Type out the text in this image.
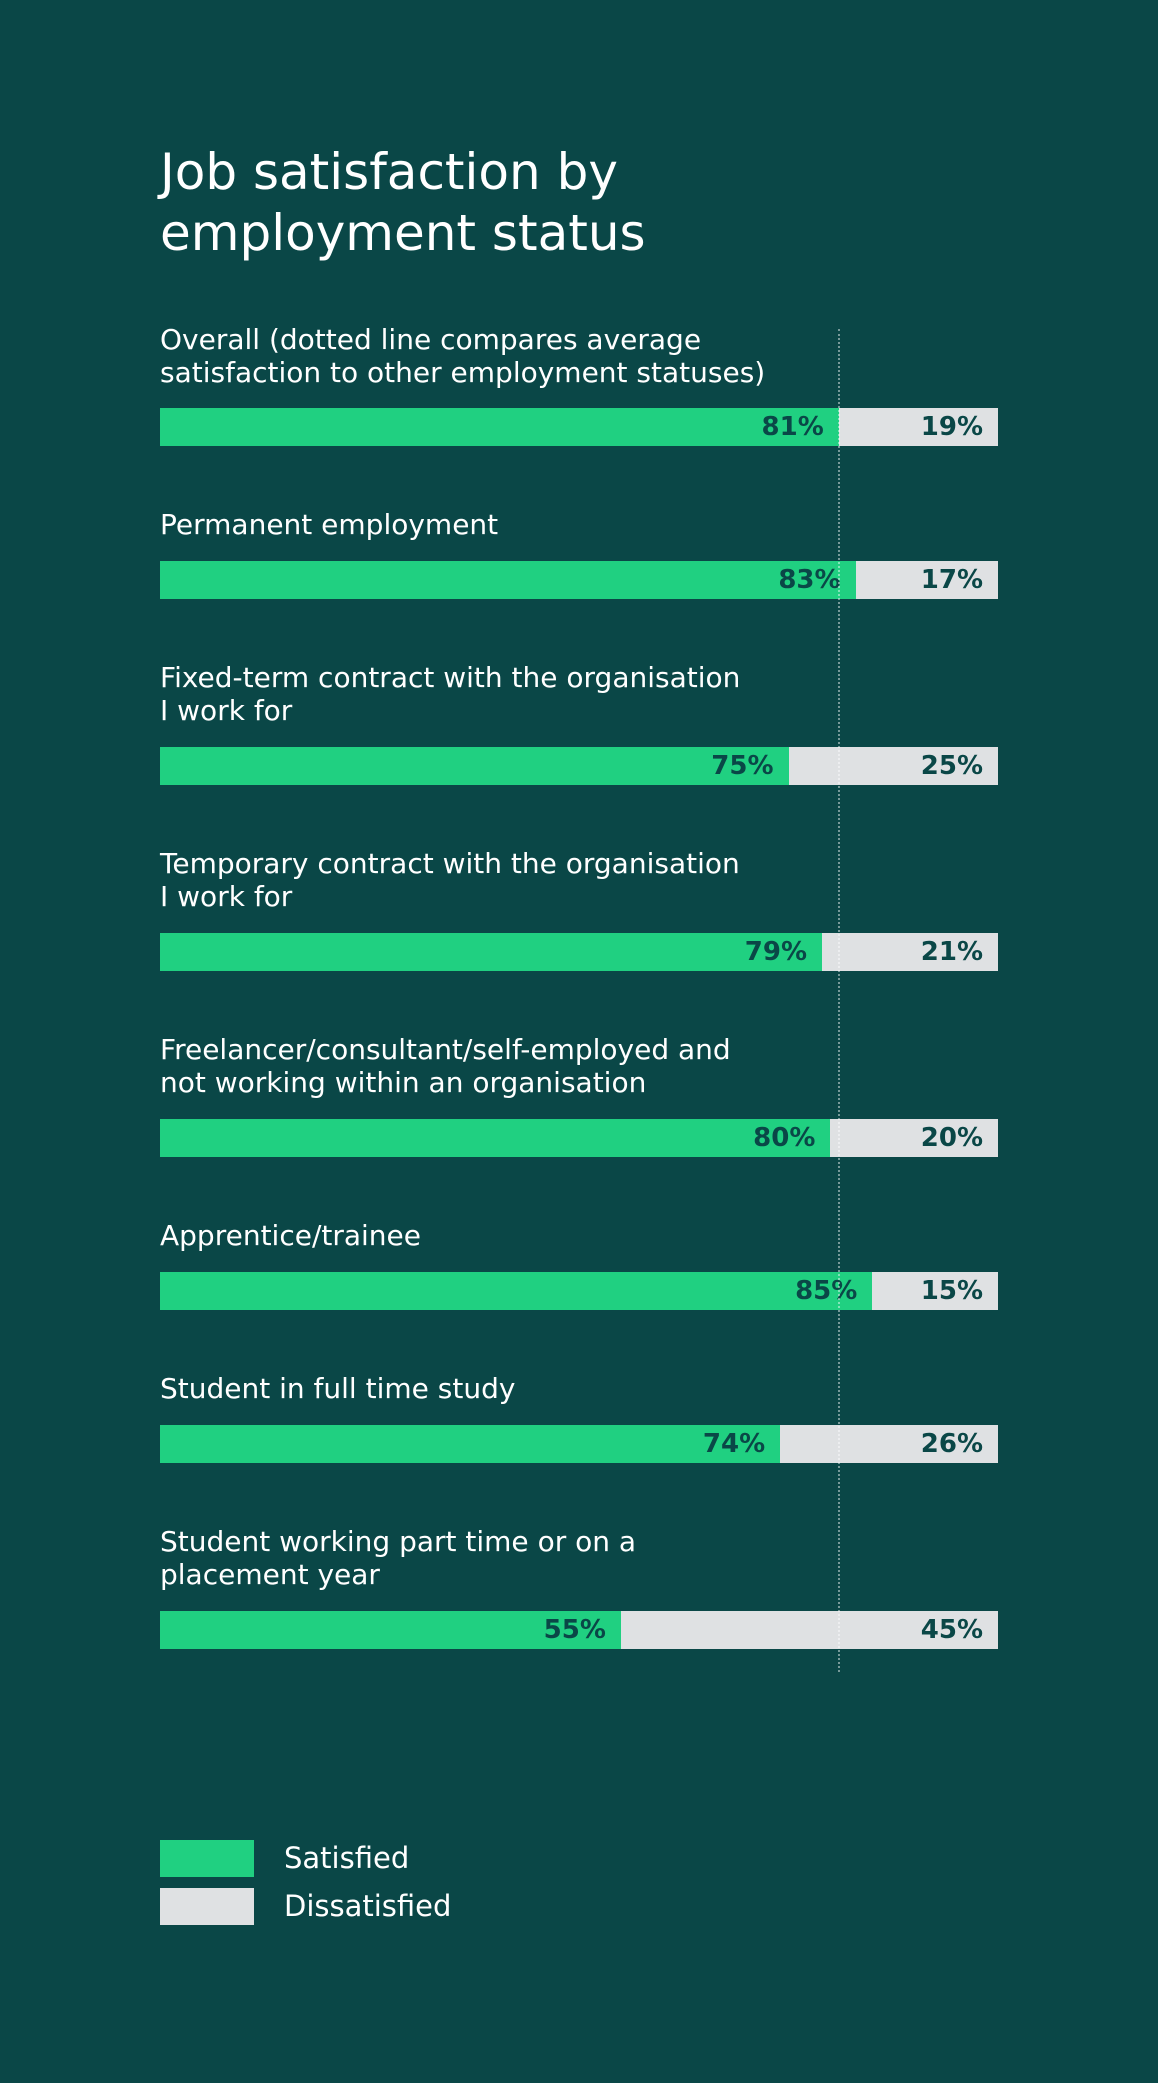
Job satisfaction by employment status
Overall (dotted line compares average
satisfaction to other employment statuses)
81%	19%
Permanent employment
83%	17%
Fixed-term contract with the organisation
I work for
75%	25%
Temporary contract with the organisation
I work for
79%	21%
Freelancer/consultant/self-employed and
not working within an organisation
80%	20%
Apprentice/trainee
85% 15%
Student in full time study
74%	26%
Student working part time or on a
placement year
55%	45%
Satisfied
Dissatisfied
